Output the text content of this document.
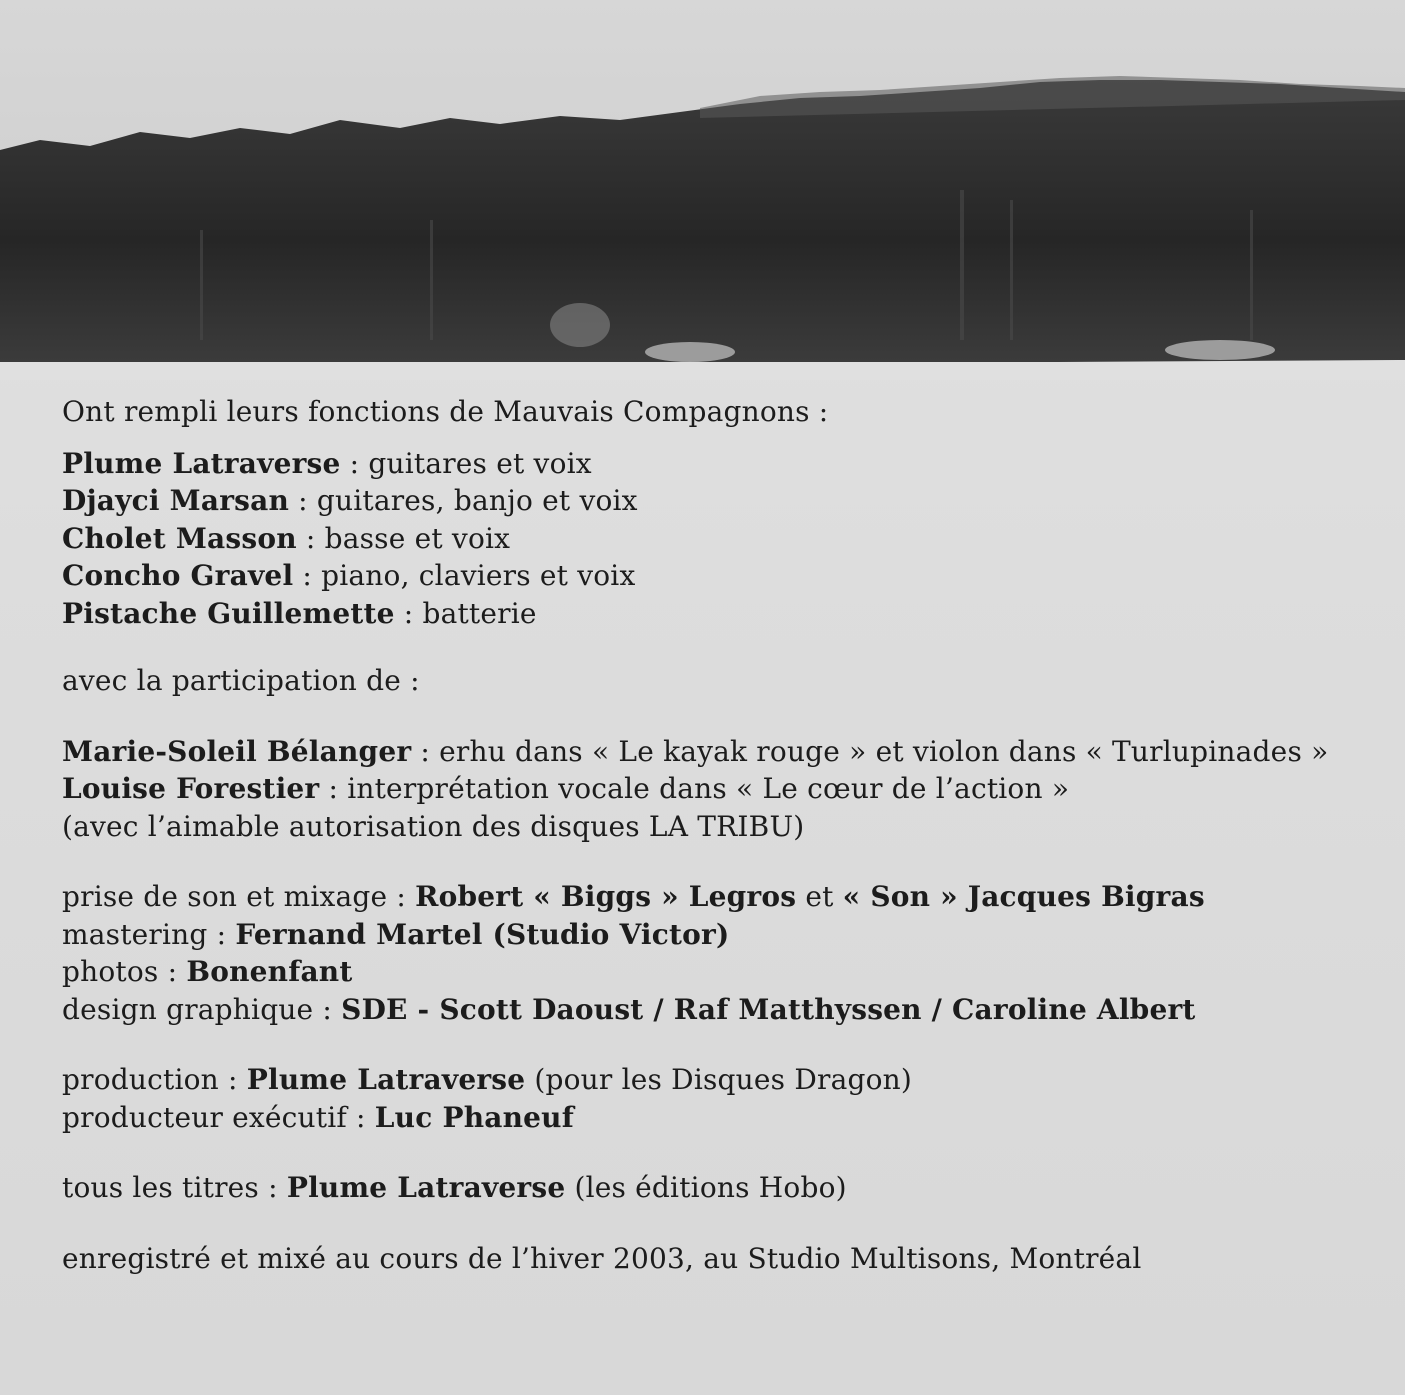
Ont rempli leurs fonctions de Mauvais Compagnons :
Plume Latraverse : guitares et voix
Djayci Marsan : guitares, banjo et voix
Cholet Masson : basse et voix
Concho Gravel : piano, claviers et voix
Pistache Guillemette : batterie
avec la participation de :
Marie-Soleil Bélanger : erhu dans « Le kayak rouge » et violon dans « Turlupinades »
Louise Forestier : interprétation vocale dans « Le cœur de l’action »
(avec l’aimable autorisation des disques LA TRIBU)
prise de son et mixage : Robert « Biggs » Legros et « Son » Jacques Bigras
mastering : Fernand Martel (Studio Victor)
photos : Bonenfant
design graphique : SDE - Scott Daoust / Raf Matthyssen / Caroline Albert
production : Plume Latraverse (pour les Disques Dragon)
producteur exécutif : Luc Phaneuf
tous les titres : Plume Latraverse (les éditions Hobo)
enregistré et mixé au cours de l’hiver 2003, au Studio Multisons, Montréal
